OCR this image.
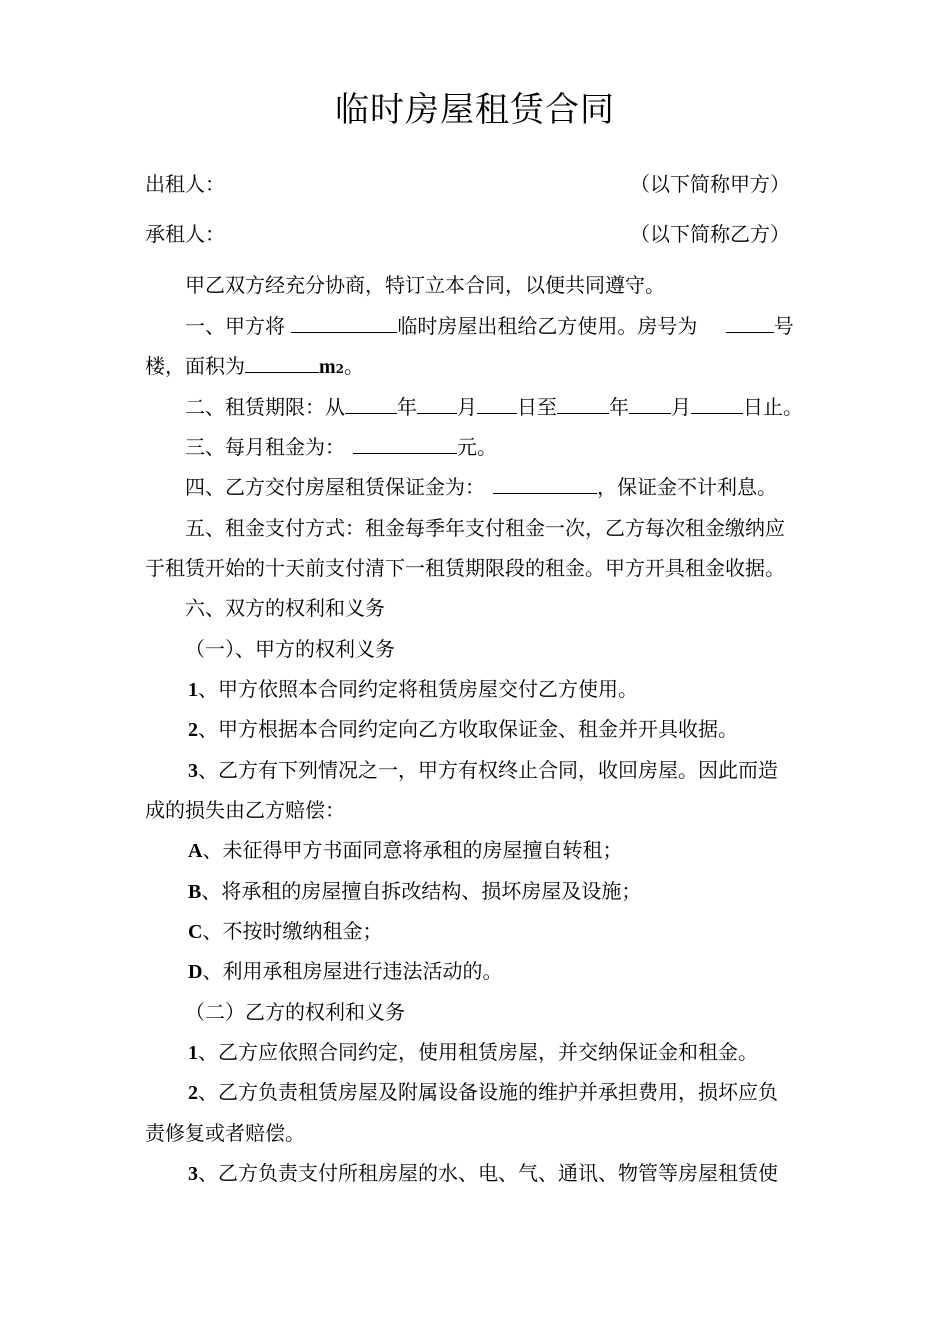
临时房屋租赁合同
出租人：	（以下简称甲方）
承租人：	（以下简称乙方）
甲乙双方经充分协商，特订立本合同，以便共同遵守。
一、甲方将	临时房屋出租给乙方使用。房号为	号
楼，面积为	m2。
二、租赁期限：从	年 月 日至	年 月	日止。
三、每月租金为：	元。
四、乙方交付房屋租赁保证金为：	，保证金不计利息。
五、租金支付方式：租金每季年支付租金一次，乙方每次租金缴纳应
于租赁开始的十天前支付清下一租赁期限段的租金。甲方开具租金收据。
六、双方的权利和义务
（一）、甲方的权利义务
1、甲方依照本合同约定将租赁房屋交付乙方使用。
2、甲方根据本合同约定向乙方收取保证金、租金并开具收据。
3、乙方有下列情况之一，甲方有权终止合同，收回房屋。因此而造
成的损失由乙方赔偿：
A、未征得甲方书面同意将承租的房屋擅自转租；
B、将承租的房屋擅自拆改结构、损坏房屋及设施；
C、不按时缴纳租金；
D、利用承租房屋进行违法活动的。
（二）乙方的权利和义务
1、乙方应依照合同约定，使用租赁房屋，并交纳保证金和租金。
2、乙方负责租赁房屋及附属设备设施的维护并承担费用，损坏应负
责修复或者赔偿。
3、乙方负责支付所租房屋的水、电、气、通讯、物管等房屋租赁使
